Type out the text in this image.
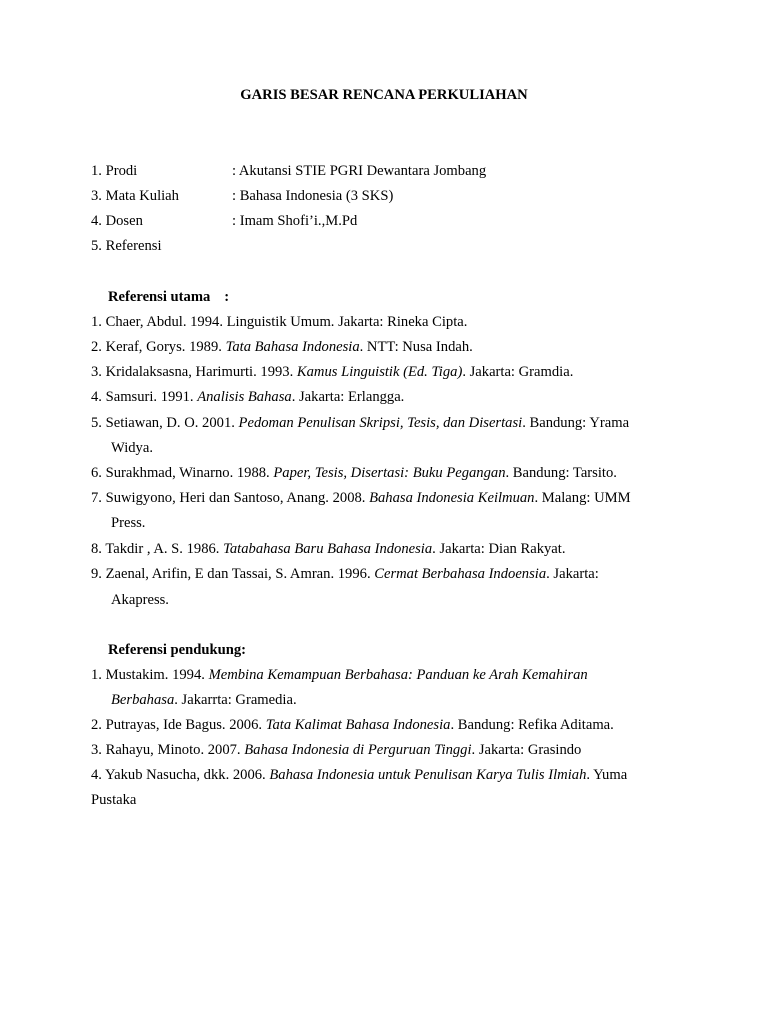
GARIS BESAR RENCANA PERKULIAHAN
1. Prodi	: Akutansi STIE PGRI Dewantara Jombang
3. Mata Kuliah	: Bahasa Indonesia (3 SKS)
4. Dosen	: Imam Shofi’i.,M.Pd
5. Referensi
Referensi utama :
1. Chaer, Abdul. 1994. Linguistik Umum. Jakarta: Rineka Cipta.
2. Keraf, Gorys. 1989. Tata Bahasa Indonesia. NTT: Nusa Indah.
3. Kridalaksasna, Harimurti. 1993. Kamus Linguistik (Ed. Tiga). Jakarta: Gramdia.
4. Samsuri. 1991. Analisis Bahasa. Jakarta: Erlangga.
5. Setiawan, D. O. 2001. Pedoman Penulisan Skripsi, Tesis, dan Disertasi. Bandung: Yrama
Widya.
6. Surakhmad, Winarno. 1988. Paper, Tesis, Disertasi: Buku Pegangan. Bandung: Tarsito.
7. Suwigyono, Heri dan Santoso, Anang. 2008. Bahasa Indonesia Keilmuan. Malang: UMM
Press.
8. Takdir , A. S. 1986. Tatabahasa Baru Bahasa Indonesia. Jakarta: Dian Rakyat.
9. Zaenal, Arifin, E dan Tassai, S. Amran. 1996. Cermat Berbahasa Indoensia. Jakarta:
Akapress.
Referensi pendukung:
1. Mustakim. 1994. Membina Kemampuan Berbahasa: Panduan ke Arah Kemahiran
Berbahasa. Jakarrta: Gramedia.
2. Putrayas, Ide Bagus. 2006. Tata Kalimat Bahasa Indonesia. Bandung: Refika Aditama.
3. Rahayu, Minoto. 2007. Bahasa Indonesia di Perguruan Tinggi. Jakarta: Grasindo
4. Yakub Nasucha, dkk. 2006. Bahasa Indonesia untuk Penulisan Karya Tulis Ilmiah. Yuma
Pustaka
